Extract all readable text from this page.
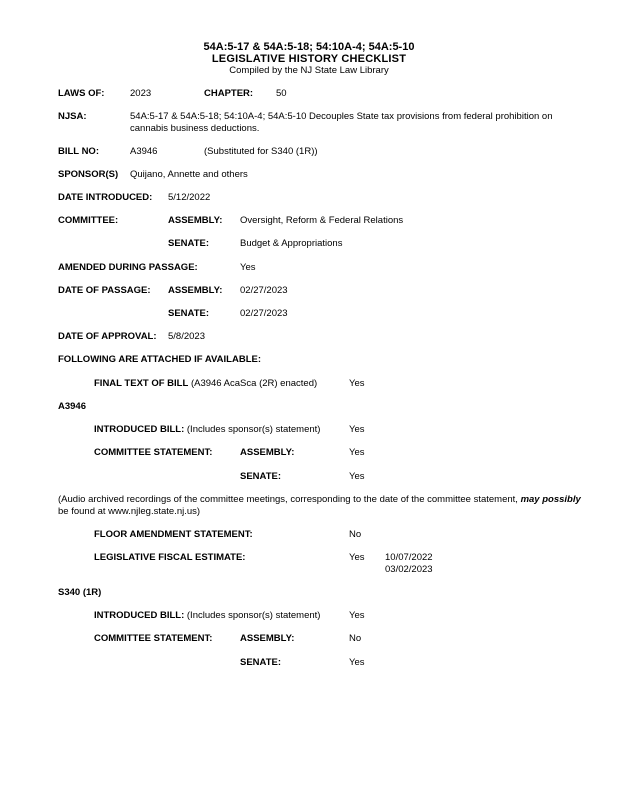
54A:5-17 & 54A:5-18; 54:10A-4; 54A:5-10
LEGISLATIVE HISTORY CHECKLIST
Compiled by the NJ State Law Library
LAWS OF:	2023	CHAPTER: 50
NJSA:	54A:5-17 & 54A:5-18; 54:10A-4; 54A:5-10 Decouples State tax provisions from federal prohibition on
cannabis business deductions.
BILL NO:	A3946	(Substituted for S340 (1R))
SPONSOR(S) Quijano, Annette and others
DATE INTRODUCED: 5/12/2022
COMMITTEE:	ASSEMBLY: Oversight, Reform & Federal Relations
SENATE:	Budget & Appropriations
AMENDED DURING PASSAGE:	Yes
DATE OF PASSAGE: ASSEMBLY: 02/27/2023
SENATE:	02/27/2023
DATE OF APPROVAL: 5/8/2023
FOLLOWING ARE ATTACHED IF AVAILABLE:
FINAL TEXT OF BILL (A3946 AcaSca (2R) enacted)	Yes
A3946
INTRODUCED BILL: (Includes sponsor(s) statement)	Yes
COMMITTEE STATEMENT:	ASSEMBLY:	Yes
SENATE:	Yes
(Audio archived recordings of the committee meetings, corresponding to the date of the committee statement, may possibly
be found at www.njleg.state.nj.us)
FLOOR AMENDMENT STATEMENT:	No
LEGISLATIVE FISCAL ESTIMATE:	Yes 10/07/2022
03/02/2023
S340 (1R)
INTRODUCED BILL: (Includes sponsor(s) statement)	Yes
COMMITTEE STATEMENT:	ASSEMBLY:	No
SENATE:	Yes
